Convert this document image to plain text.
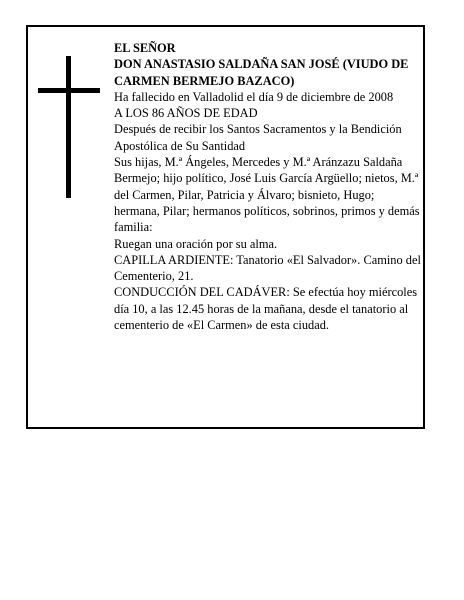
EL SEÑOR

DON ANASTASIO SALDAÑA SAN JOSÉ (VIUDO DE CARMEN BERMEJO BAZACO)

Ha fallecido en Valladolid el día 9 de diciembre de 2008

A LOS 86 AÑOS DE EDAD

Después de recibir los Santos Sacramentos y la Bendición Apostólica de Su Santidad

Sus hijas, M.ª Ángeles, Mercedes y M.ª Aránzazu Saldaña Bermejo; hijo político, José Luis García Argüello; nietos, M.ª del Carmen, Pilar, Patricia y Álvaro; bisnieto, Hugo; hermana, Pilar; hermanos políticos, sobrinos, primos y demás familia:

Ruegan una oración por su alma.

CAPILLA ARDIENTE: Tanatorio «El Salvador». Camino del Cementerio, 21.

CONDUCCIÓN DEL CADÁVER: Se efectúa hoy miércoles día 10, a las 12.45 horas de la mañana, desde el tanatorio al cementerio de «El Carmen» de esta ciudad.
